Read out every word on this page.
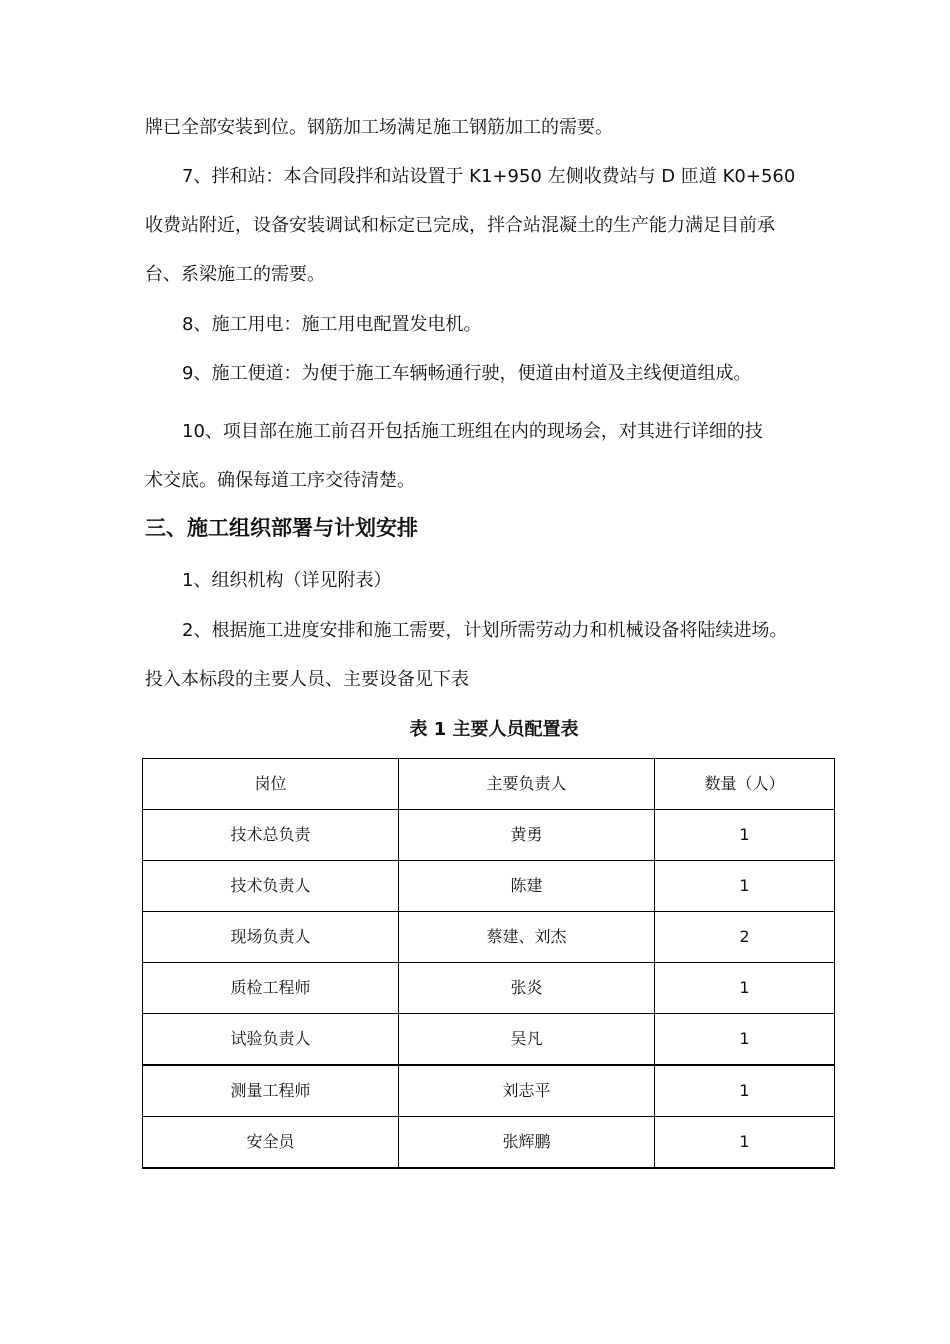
牌已全部安装到位。钢筋加工场满足施工钢筋加工的需要。
7、拌和站：本合同段拌和站设置于 K1+950 左侧收费站与 D 匝道 K0+560
收费站附近，设备安装调试和标定已完成，拌合站混凝土的生产能力满足目前承
台、系梁施工的需要。
8、施工用电：施工用电配置发电机。
9、施工便道：为便于施工车辆畅通行驶，便道由村道及主线便道组成。
10、项目部在施工前召开包括施工班组在内的现场会，对其进行详细的技
术交底。确保每道工序交待清楚。
三、施工组织部署与计划安排
1、组织机构（详见附表）
2、根据施工进度安排和施工需要，计划所需劳动力和机械设备将陆续进场。
投入本标段的主要人员、主要设备见下表
表 1 主要人员配置表
岗位	主要负责人	数量（人）
技术总负责	黄勇	1
技术负责人	陈建	1
现场负责人	蔡建、刘杰	2
质检工程师	张炎	1
试验负责人	吴凡	1
测量工程师	刘志平	1
安全员	张辉鹏	1
